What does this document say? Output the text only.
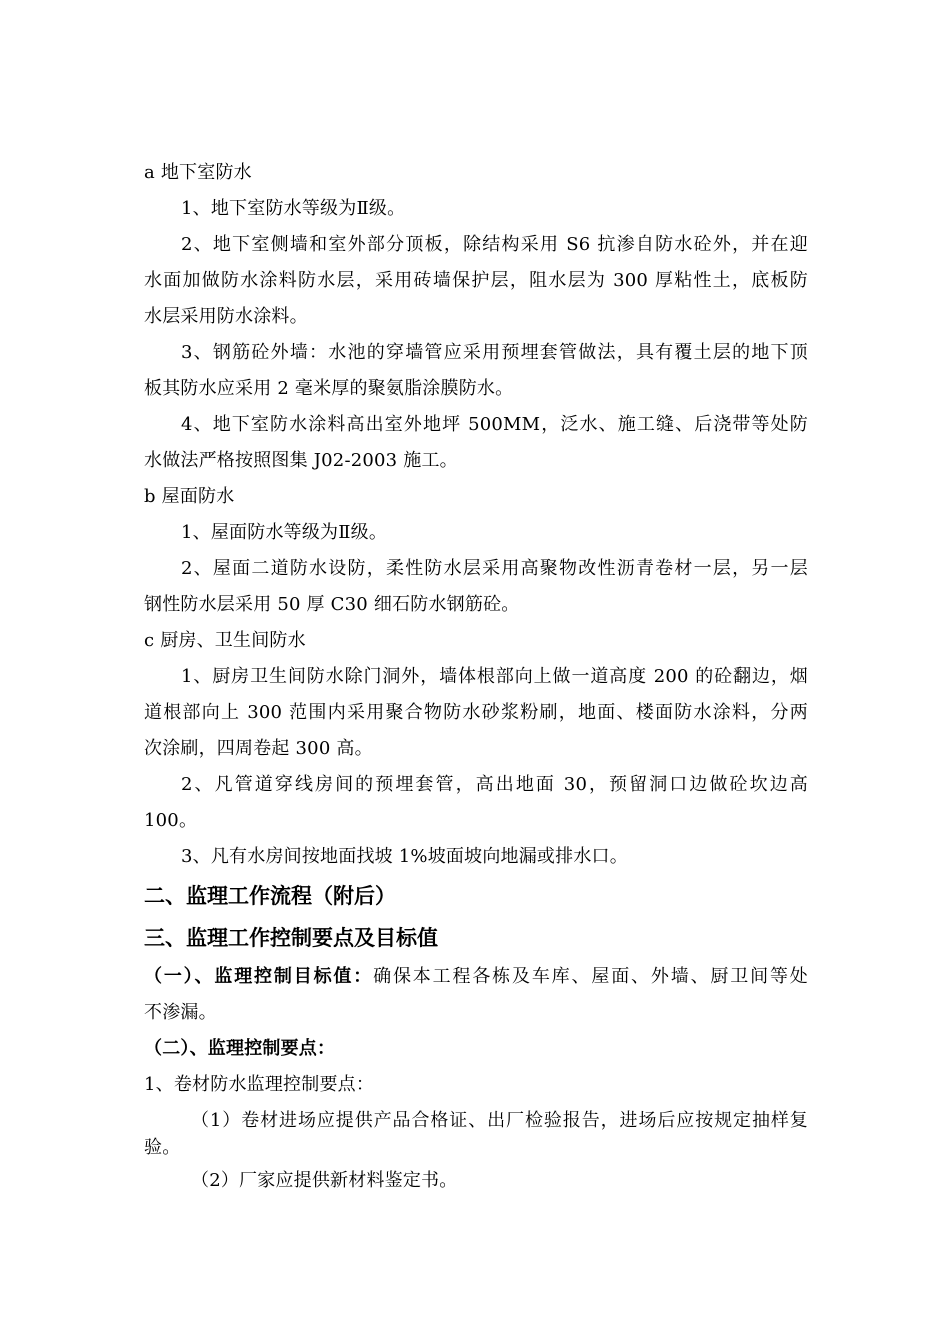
a 地下室防水
1、地下室防水等级为Ⅱ级。
2、地下室侧墙和室外部分顶板，除结构采用 S6 抗渗自防水砼外，并在迎
水面加做防水涂料防水层，采用砖墙保护层，阻水层为 300 厚粘性土，底板防
水层采用防水涂料。
3、钢筋砼外墙：水池的穿墙管应采用预埋套管做法，具有覆土层的地下顶
板其防水应采用 2 毫米厚的聚氨脂涂膜防水。
4、地下室防水涂料高出室外地坪 500MM，泛水、施工缝、后浇带等处防
水做法严格按照图集 J02-2003 施工。
b 屋面防水
1、屋面防水等级为Ⅱ级。
2、屋面二道防水设防，柔性防水层采用高聚物改性沥青卷材一层，另一层
钢性防水层采用 50 厚 C30 细石防水钢筋砼。
c 厨房、卫生间防水
1、厨房卫生间防水除门洞外，墙体根部向上做一道高度 200 的砼翻边，烟
道根部向上 300 范围内采用聚合物防水砂浆粉刷，地面、楼面防水涂料，分两
次涂刷，四周卷起 300 高。
2、凡管道穿线房间的预埋套管，高出地面 30，预留洞口边做砼坎边高
100。
3、凡有水房间按地面找坡 1%坡面坡向地漏或排水口。
二、监理工作流程（附后）
三、监理工作控制要点及目标值
（一）、监理控制目标值：确保本工程各栋及车库、屋面、外墙、厨卫间等处
不渗漏。
（二）、监理控制要点：
1、卷材防水监理控制要点：
（1）卷材进场应提供产品合格证、出厂检验报告，进场后应按规定抽样复
验。
（2）厂家应提供新材料鉴定书。
